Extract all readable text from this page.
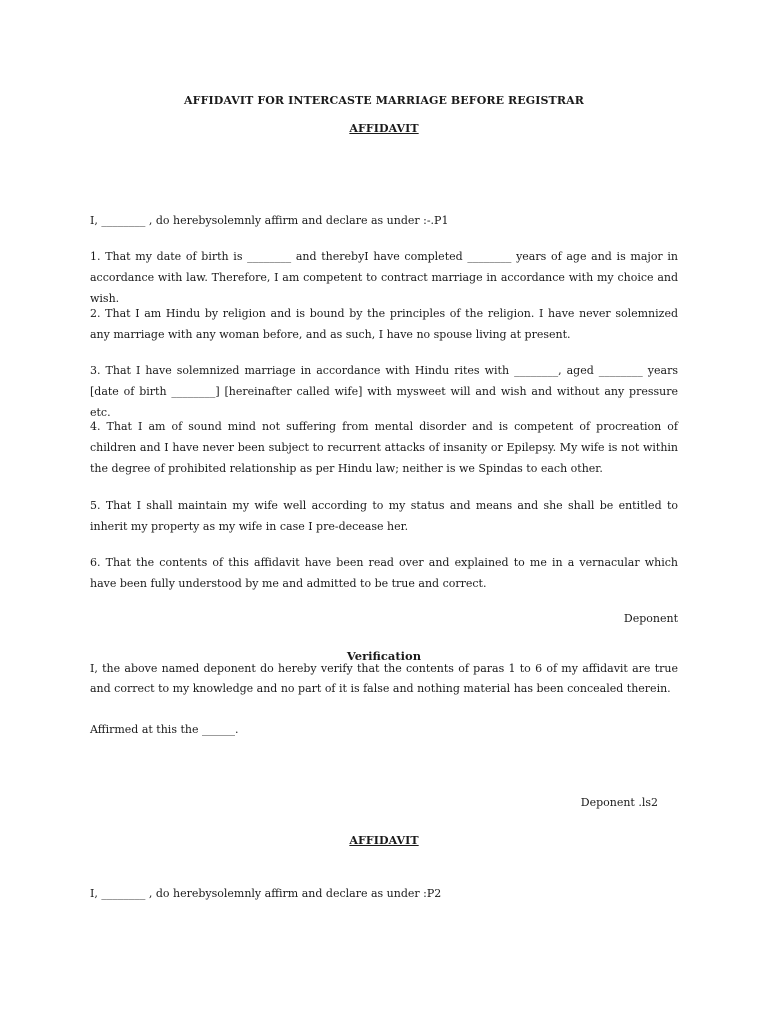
AFFIDAVIT FOR INTERCASTE MARRIAGE BEFORE REGISTRAR
AFFIDAVIT

I, ________ , do herebysolemnly affirm and declare as under :-.P1

1. That my date of birth is ________ and therebyI have completed ________ years of age and is major in accordance with law. Therefore, I am competent to contract marriage in accordance with my choice and wish.

2. That I am Hindu by religion and is bound by the principles of the religion. I have never solemnized any marriage with any woman before, and as such, I have no spouse living at present.

3. That I have solemnized marriage in accordance with Hindu rites with ________, aged ________ years [date of birth ________] [hereinafter called wife] with mysweet will and wish and without any pressure etc.

4. That I am of sound mind not suffering from mental disorder and is competent of procreation of children and I have never been subject to recurrent attacks of insanity or Epilepsy. My wife is not within the degree of prohibited relationship as per Hindu law; neither is we Spindas to each other.

5. That I shall maintain my wife well according to my status and means and she shall be entitled to inherit my property as my wife in case I pre-decease her.

6. That the contents of this affidavit have been read over and explained to me in a vernacular which have been fully understood by me and admitted to be true and correct.

Deponent
Verification

I, the above named deponent do hereby verify that the contents of paras 1 to 6 of my affidavit are true and correct to my knowledge and no part of it is false and nothing material has been concealed therein.

Affirmed at this the ______.

Deponent .ls2
AFFIDAVIT

I, ________ , do herebysolemnly affirm and declare as under :P2
